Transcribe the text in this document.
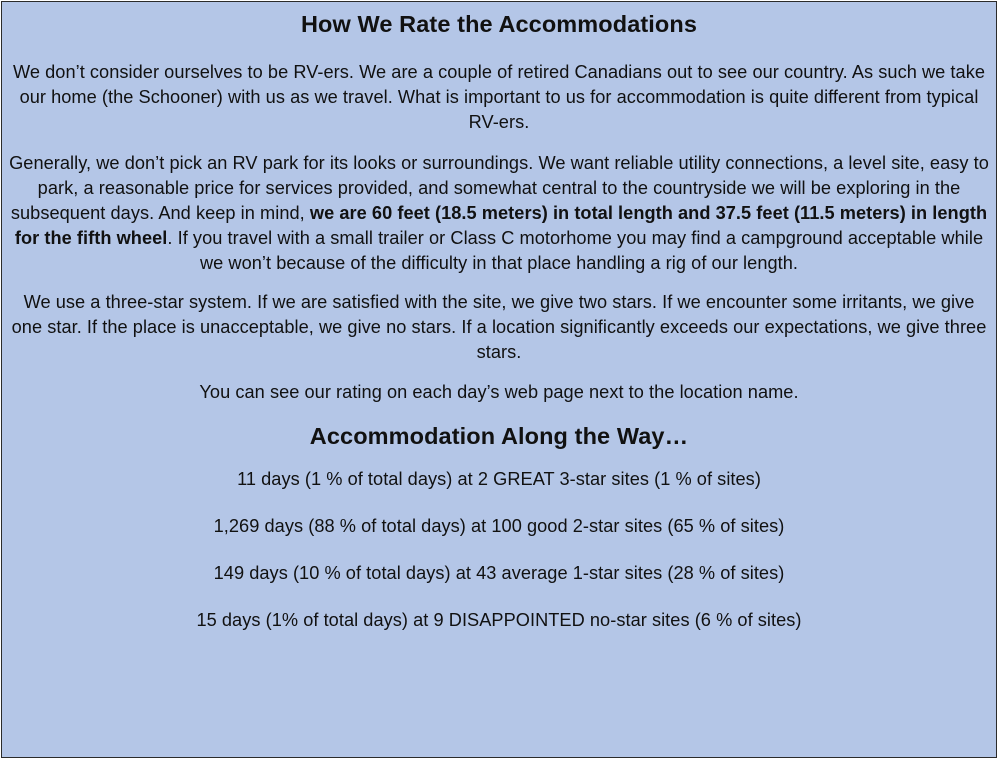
How We Rate the Accommodations

We don’t consider ourselves to be RV-ers. We are a couple of retired Canadians out to see our country. As such we take our home (the Schooner) with us as we travel. What is important to us for accommodation is quite different from typical RV-ers.

Generally, we don’t pick an RV park for its looks or surroundings. We want reliable utility connections, a level site, easy to park, a reasonable price for services provided, and somewhat central to the countryside we will be exploring in the subsequent days. And keep in mind, we are 60 feet (18.5 meters) in total length and 37.5 feet (11.5 meters) in length for the fifth wheel. If you travel with a small trailer or Class C motorhome you may find a campground acceptable while we won’t because of the difficulty in that place handling a rig of our length.

We use a three-star system. If we are satisfied with the site, we give two stars. If we encounter some irritants, we give one star. If the place is unacceptable, we give no stars. If a location significantly exceeds our expectations, we give three stars.

You can see our rating on each day’s web page next to the location name.

Accommodation Along the Way…

11 days (1 % of total days) at 2 GREAT 3-star sites (1 % of sites)

1,269 days (88 % of total days) at 100 good 2-star sites (65 % of sites)

149 days (10 % of total days) at 43 average 1-star sites (28 % of sites)

15 days (1% of total days) at 9 DISAPPOINTED no-star sites (6 % of sites)
